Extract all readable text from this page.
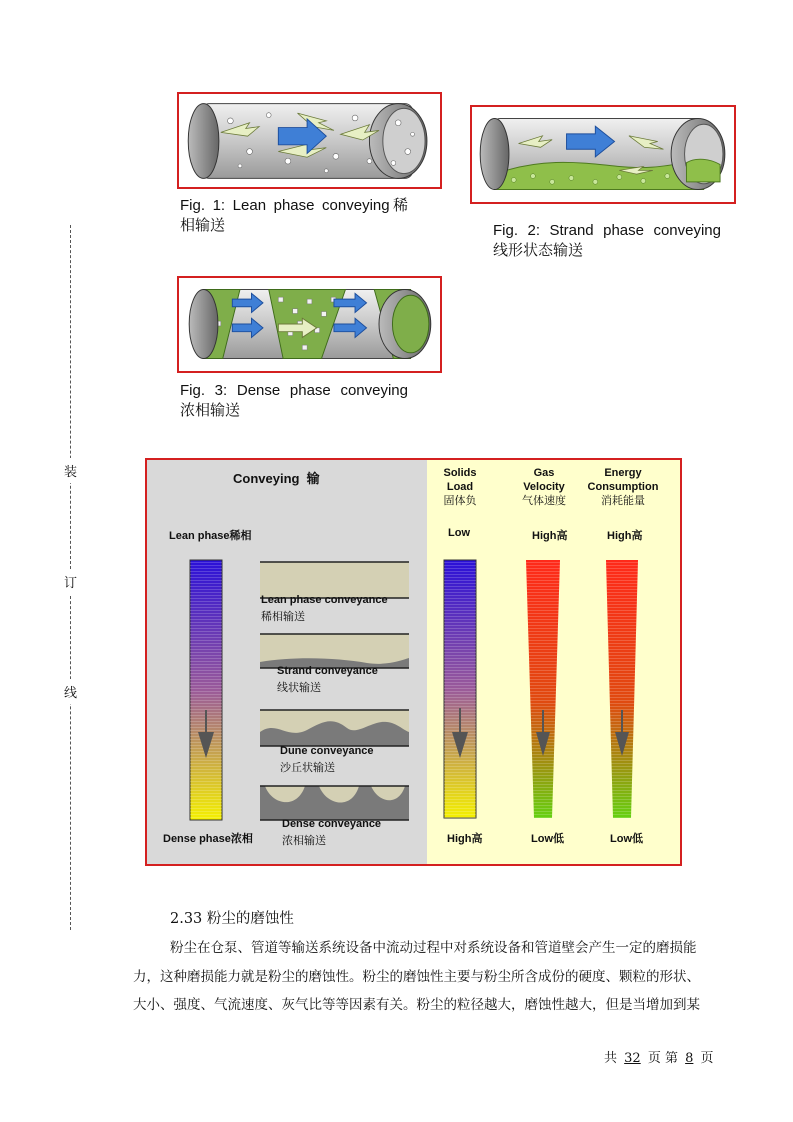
装
订
线
Fig. 1: Lean phase conveying稀
相输送	Fig. 2: Strand phase conveying
线形状态输送
Fig. 3: Dense phase conveying
浓相输送
Conveying  输
Lean phase稀相
Dense phase浓相
Lean phase conveyance
稀相输送
Strand conveyance
线状输送
Dune conveyance
沙丘状输送
Dense conveyance
浓相输送
Solids
Load
固体负
Gas
Velocity
气体速度
Energy
Consumption
消耗能量
Low	High高	High高
High高	Low低	Low低
2.33 粉尘的磨蚀性
粉尘在仓泵、管道等输送系统设备中流动过程中对系统设备和管道壁会产生一定的磨损能
力，这种磨损能力就是粉尘的磨蚀性。粉尘的磨蚀性主要与粉尘所含成份的硬度、颗粒的形状、
大小、强度、气流速度、灰气比等等因素有关。粉尘的粒径越大，磨蚀性越大，但是当增加到某
共 32 页 第 8 页
